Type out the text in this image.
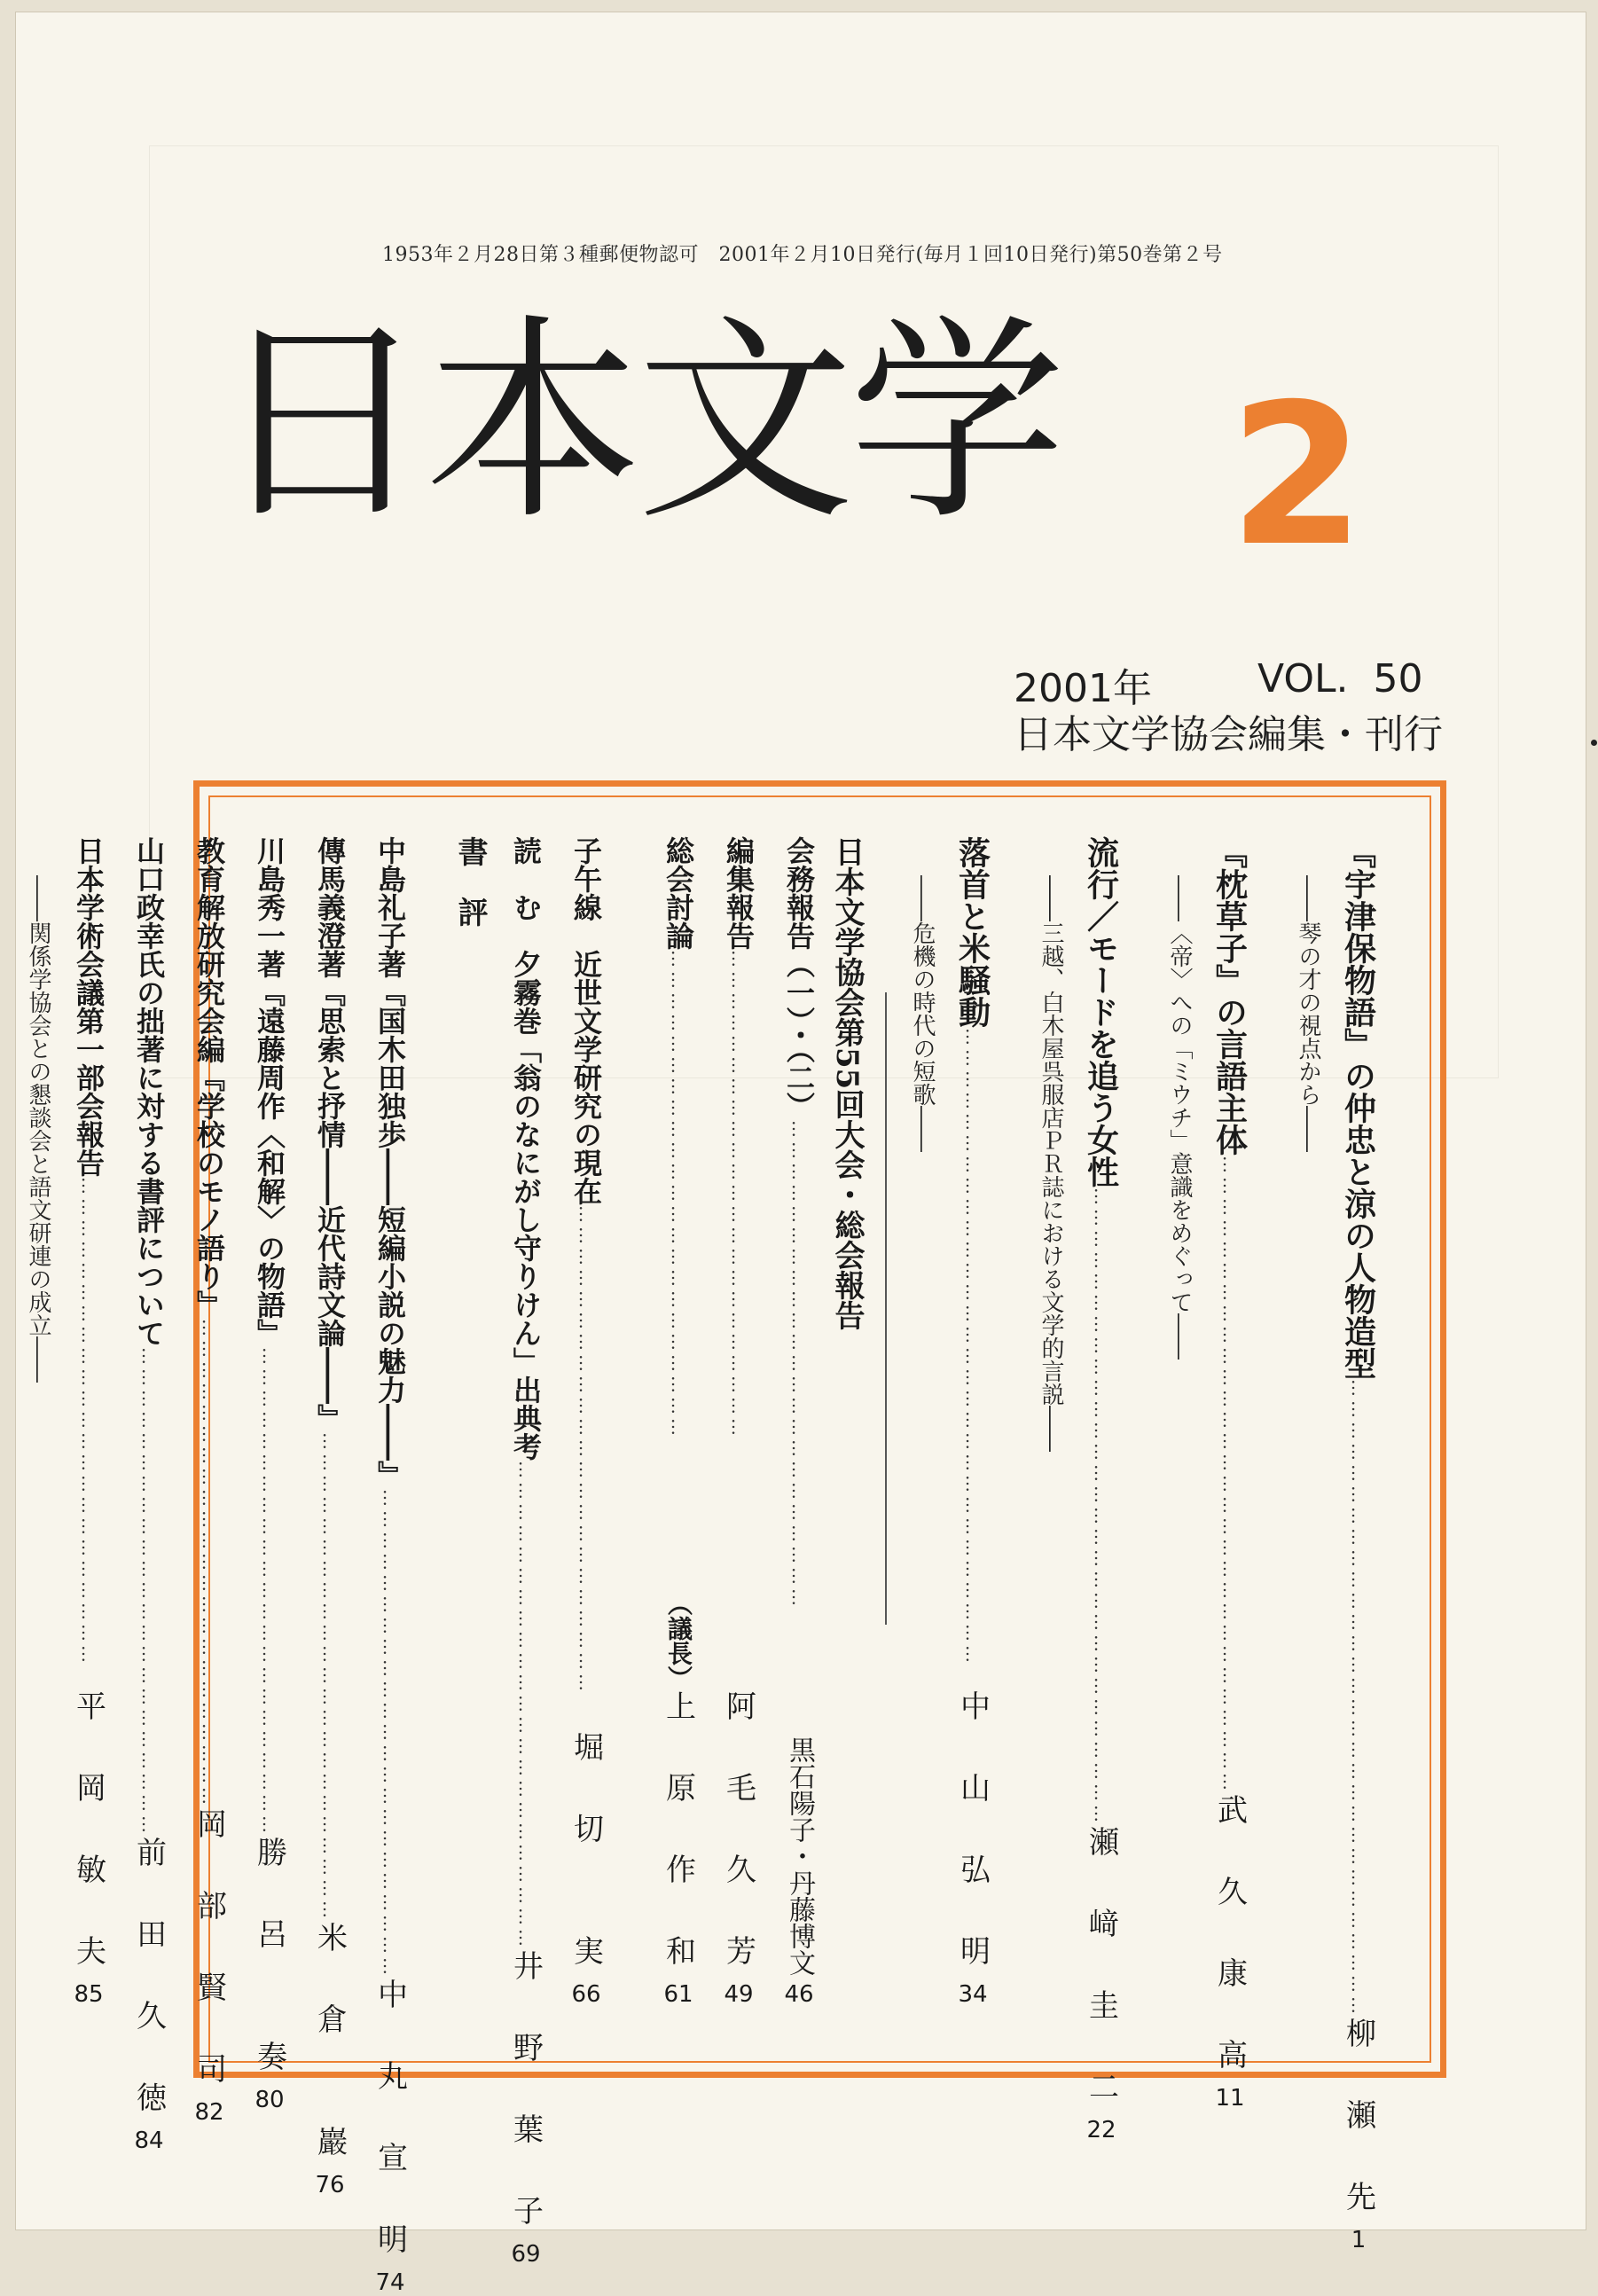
1953年２月28日第３種郵便物認可　2001年２月10日発行(毎月１回10日発行)第50巻第２号
日本文学 2
2001年	VOL. 50
日本文学協会編集・刊行
『宇津保物語』の仲忠と涼の人物造型
………………………………………………………………………………
柳　瀬　先
1
――琴の才の視点から――
『枕草子』の言語主体
………………………………………………………………………………
武　久　康　高
11
――〈帝〉への「ミウチ」意識をめぐって――
流行／モードを追う女性
………………………………………………………………………………
瀬　﨑　圭　二
22
――三越、白木屋呉服店ＰＲ誌における文学的言説――
落首と米騒動
………………………………………………………………………………
中　山　弘　明
34
――危機の時代の短歌――
日本文学協会第55回大会・総会報告
会務報告（一）・（二）
……………………………………………………………
黒石陽子・丹藤博文
46
編集報告
……………………………………………………………
阿　毛　久　芳
49
総会討論
……………………………………………………………
（議長）
上　原　作　和
61
子午線　近世文学研究の現在
……………………………………………………………
堀　切　　実
66
読　む　夕霧巻「翁のなにがし守りけん」出典考
……………………………………………………………
井　野　葉　子
69
書　評
中島礼子著『国木田独歩――短編小説の魅力――』
……………………………………………………………
中　丸　宣　明
74
傳馬義澄著『思索と抒情――近代詩文論――』
……………………………………………………………
米　倉　　巖
76
川島秀一著『遠藤周作〈和解〉の物語』
……………………………………………………………
勝　呂　　奏
80
教育解放研究会編『学校のモノ語り』
……………………………………………………………
岡　部　賢　司
82
山口政幸氏の拙著に対する書評について
……………………………………………………………
前　田　久　徳
84
日本学術会議第一部会報告
……………………………………………………………
平　岡　敏　夫
85
――関係学協会との懇談会と語文研連の成立――
